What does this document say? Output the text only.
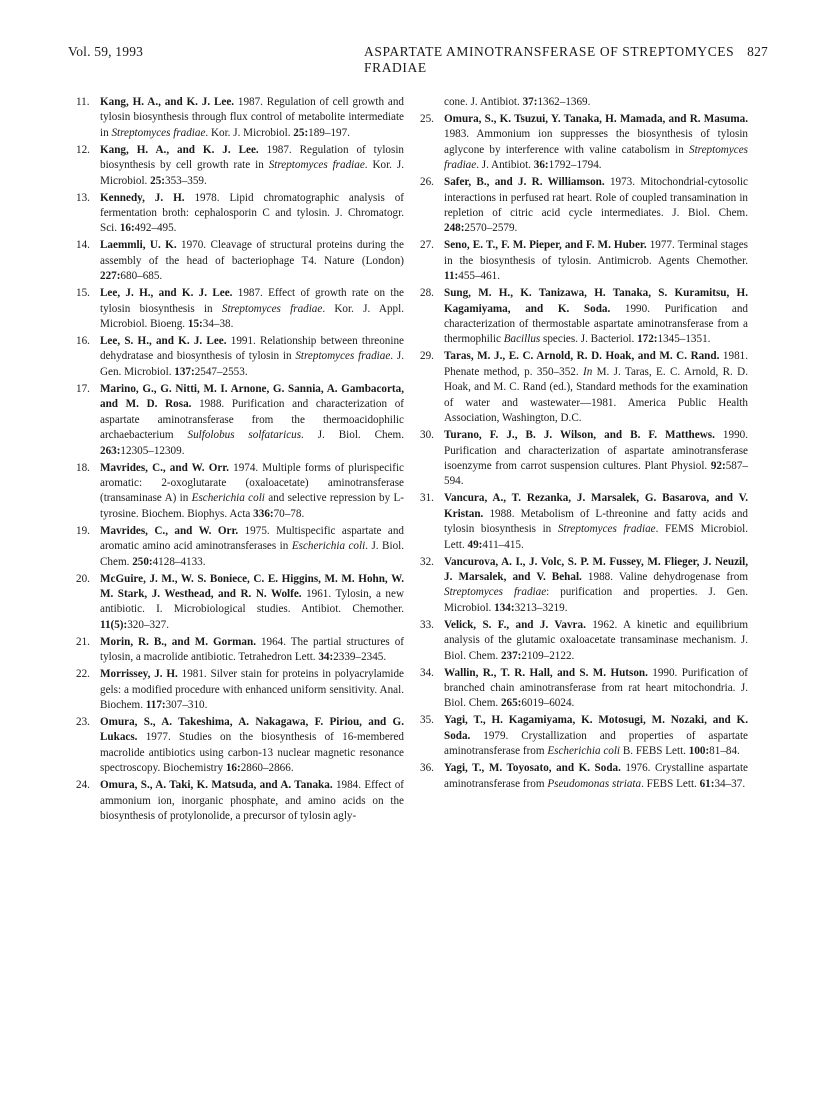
Vol. 59, 1993	ASPARTATE AMINOTRANSFERASE OF STREPTOMYCES FRADIAE
827

cone. J. Antibiot. 37:1362–1369.

25. Omura, S., K. Tsuzui, Y. Tanaka, H. Mamada, and R. Masuma. 1983. Ammonium ion suppresses the biosynthesis of tylosin aglycone by interference with valine catabolism in Streptomyces fradiae. J. Antibiot. 36:1792–1794.

26. Safer, B., and J. R. Williamson. 1973. Mitochondrial-cytosolic interactions in perfused rat heart. Role of coupled transamination in repletion of citric acid cycle intermediates. J. Biol. Chem. 248:2570–2579.

27. Seno, E. T., F. M. Pieper, and F. M. Huber. 1977. Terminal stages in the biosynthesis of tylosin. Antimicrob. Agents Chemother. 11:455–461.

28. Sung, M. H., K. Tanizawa, H. Tanaka, S. Kuramitsu, H. Kagamiyama, and K. Soda. 1990. Purification and characterization of thermostable aspartate aminotransferase from a thermophilic Bacillus species. J. Bacteriol. 172:1345–1351.

29. Taras, M. J., E. C. Arnold, R. D. Hoak, and M. C. Rand. 1981. Phenate method, p. 350–352. In M. J. Taras, E. C. Arnold, R. D. Hoak, and M. C. Rand (ed.), Standard methods for the examination of water and wastewater—1981. America Public Health Association, Washington, D.C.

30. Turano, F. J., B. J. Wilson, and B. F. Matthews. 1990. Purification and characterization of aspartate aminotransferase isoenzyme from carrot suspension cultures. Plant Physiol. 92:587–594.

31. Vancura, A., T. Rezanka, J. Marsalek, G. Basarova, and V. Kristan. 1988. Metabolism of L-threonine and fatty acids and tylosin biosynthesis in Streptomyces fradiae. FEMS Microbiol. Lett. 49:411–415.

32. Vancurova, A. I., J. Volc, S. P. M. Fussey, M. Flieger, J. Neuzil, J. Marsalek, and V. Behal. 1988. Valine dehydrogenase from Streptomyces fradiae: purification and properties. J. Gen. Microbiol. 134:3213–3219.

33. Velick, S. F., and J. Vavra. 1962. A kinetic and equilibrium analysis of the glutamic oxaloacetate transaminase mechanism. J. Biol. Chem. 237:2109–2122.

34. Wallin, R., T. R. Hall, and S. M. Hutson. 1990. Purification of branched chain aminotransferase from rat heart mitochondria. J. Biol. Chem. 265:6019–6024.

35. Yagi, T., H. Kagamiyama, K. Motosugi, M. Nozaki, and K. Soda. 1979. Crystallization and properties of aspartate aminotransferase from Escherichia coli B. FEBS Lett. 100:81–84.

36. Yagi, T., M. Toyosato, and K. Soda. 1976. Crystalline aspartate aminotransferase from Pseudomonas striata. FEBS Lett. 61:34–37.

11. Kang, H. A., and K. J. Lee. 1987. Regulation of cell growth and tylosin biosynthesis through flux control of metabolite intermediate in Streptomyces fradiae. Kor. J. Microbiol. 25:189–197.

12. Kang, H. A., and K. J. Lee. 1987. Regulation of tylosin biosynthesis by cell growth rate in Streptomyces fradiae. Kor. J. Microbiol. 25:353–359.

13. Kennedy, J. H. 1978. Lipid chromatographic analysis of fermentation broth: cephalosporin C and tylosin. J. Chromatogr. Sci. 16:492–495.

14. Laemmli, U. K. 1970. Cleavage of structural proteins during the assembly of the head of bacteriophage T4. Nature (London) 227:680–685.

15. Lee, J. H., and K. J. Lee. 1987. Effect of growth rate on the tylosin biosynthesis in Streptomyces fradiae. Kor. J. Appl. Microbiol. Bioeng. 15:34–38.

16. Lee, S. H., and K. J. Lee. 1991. Relationship between threonine dehydratase and biosynthesis of tylosin in Streptomyces fradiae. J. Gen. Microbiol. 137:2547–2553.

17. Marino, G., G. Nitti, M. I. Arnone, G. Sannia, A. Gambacorta, and M. D. Rosa. 1988. Purification and characterization of aspartate aminotransferase from the thermoacidophilic archaebacterium Sulfolobus solfataricus. J. Biol. Chem. 263:12305–12309.

18. Mavrides, C., and W. Orr. 1974. Multiple forms of plurispecific aromatic: 2-oxoglutarate (oxaloacetate) aminotransferase (transaminase A) in Escherichia coli and selective repression by L-tyrosine. Biochem. Biophys. Acta 336:70–78.

19. Mavrides, C., and W. Orr. 1975. Multispecific aspartate and aromatic amino acid aminotransferases in Escherichia coli. J. Biol. Chem. 250:4128–4133.

20. McGuire, J. M., W. S. Boniece, C. E. Higgins, M. M. Hohn, W. M. Stark, J. Westhead, and R. N. Wolfe. 1961. Tylosin, a new antibiotic. I. Microbiological studies. Antibiot. Chemother. 11(5):320–327.

21. Morin, R. B., and M. Gorman. 1964. The partial structures of tylosin, a macrolide antibiotic. Tetrahedron Lett. 34:2339–2345.

22. Morrissey, J. H. 1981. Silver stain for proteins in polyacrylamide gels: a modified procedure with enhanced uniform sensitivity. Anal. Biochem. 117:307–310.

23. Omura, S., A. Takeshima, A. Nakagawa, F. Piriou, and G. Lukacs. 1977. Studies on the biosynthesis of 16-membered macrolide antibiotics using carbon-13 nuclear magnetic resonance spectroscopy. Biochemistry 16:2860–2866.

24. Omura, S., A. Taki, K. Matsuda, and A. Tanaka. 1984. Effect of ammonium ion, inorganic phosphate, and amino acids on the biosynthesis of protylonolide, a precursor of tylosin agly-
